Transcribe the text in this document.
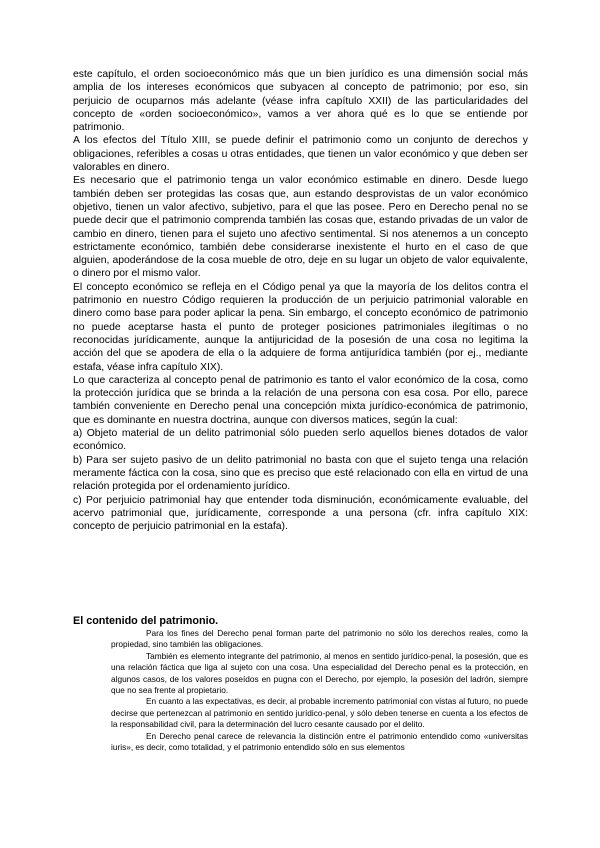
este capítulo, el orden socioeconómico más que un bien jurídico es una dimensión social más amplia de los intereses económicos que subyacen al concepto de patrimonio; por eso, sin perjuicio de ocuparnos más adelante (véase infra capítulo XXII) de las particularidades del concepto de «orden socioeconómico», vamos a ver ahora qué es lo que se entiende por patrimonio.

A los efectos del Título XIII, se puede definir el patrimonio como un conjunto de derechos y obligaciones, referibles a cosas u otras entidades, que tienen un valor económico y que deben ser valorables en dinero.

Es necesario que el patrimonio tenga un valor económico estimable en dinero. Desde luego también deben ser protegidas las cosas que, aun estando desprovistas de un valor económico objetivo, tienen un valor afectivo, subjetivo, para el que las posee. Pero en Derecho penal no se puede decir que el patrimonio comprenda también las cosas que, estando privadas de un valor de cambio en dinero, tienen para el sujeto uno afectivo sentimental. Si nos atenemos a un concepto estrictamente económico, también debe considerarse inexistente el hurto en el caso de que alguien, apoderándose de la cosa mueble de otro, deje en su lugar un objeto de valor equivalente, o dinero por el mismo valor.

El concepto económico se refleja en el Código penal ya que la mayoría de los delitos contra el patrimonio en nuestro Código requieren la producción de un perjuicio patrimonial valorable en dinero como base para poder aplicar la pena. Sin embargo, el concepto económico de patrimonio no puede aceptarse hasta el punto de proteger posiciones patrimoniales ilegítimas o no reconocidas jurídicamente, aunque la antijuricidad de la posesión de una cosa no legitima la acción del que se apodera de ella o la adquiere de forma antijurídica también (por ej., mediante estafa, véase infra capítulo XIX).

Lo que caracteriza al concepto penal de patrimonio es tanto el valor económico de la cosa, como la protección jurídica que se brinda a la relación de una persona con esa cosa. Por ello, parece también conveniente en Derecho penal una concepción mixta jurídico-económica de patrimonio, que es dominante en nuestra doctrina, aunque con diversos matices, según la cual:

a) Objeto material de un delito patrimonial sólo pueden serlo aquellos bienes dotados de valor económico.

b) Para ser sujeto pasivo de un delito patrimonial no basta con que el sujeto tenga una relación meramente fáctica con la cosa, sino que es preciso que esté relacionado con ella en virtud de una relación protegida por el ordenamiento jurídico.

c) Por perjuicio patrimonial hay que entender toda disminución, económicamente evaluable, del acervo patrimonial que, jurídicamente, corresponde a una persona (cfr. infra capítulo XIX: concepto de perjuicio patrimonial en la estafa).

El contenido del patrimonio.

Para los fines del Derecho penal forman parte del patrimonio no sólo los derechos reales, como la propiedad, sino también las obligaciones.

También es elemento integrante del patrimonio, al menos en sentido jurídico-penal, la posesión, que es una relación fáctica que liga al sujeto con una cosa. Una especialidad del Derecho penal es la protección, en algunos casos, de los valores poseídos en pugna con el Derecho, por ejemplo, la posesión del ladrón, siempre que no sea frente al propietario.

En cuanto a las expectativas, es decir, al probable incremento patrimonial con vistas al futuro, no puede decirse que pertenezcan al patrimonio en sentido jurídico-penal, y sólo deben tenerse en cuenta a los efectos de la responsabilidad civil, para la determinación del lucro cesante causado por el delito.

En Derecho penal carece de relevancia la distinción entre el patrimonio entendido como «universitas iuris», es decir, como totalidad, y el patrimonio entendido sólo en sus elementos
